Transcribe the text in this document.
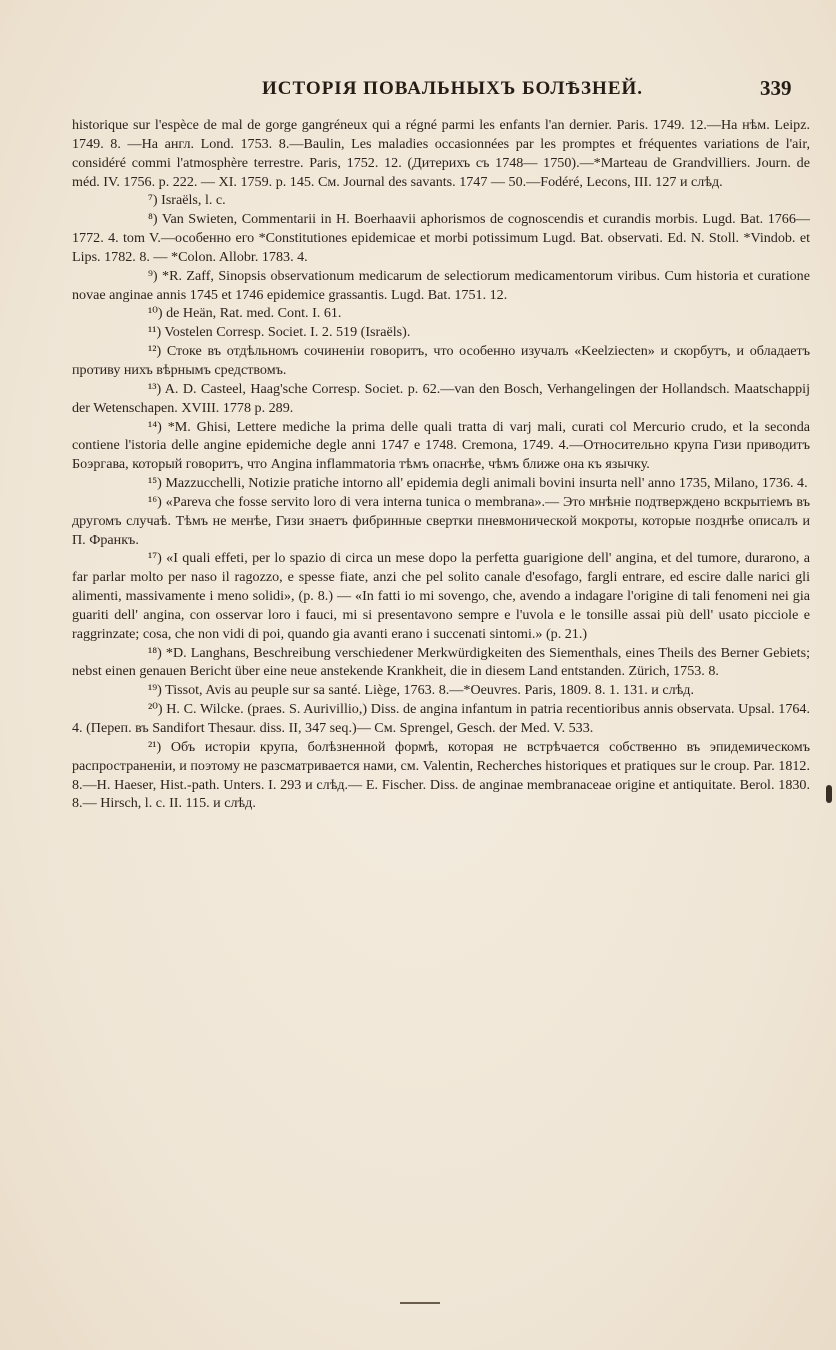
ИСТОРІЯ ПОВАЛЬНЫХЪ БОЛѢЗНЕЙ.	339

historique sur l'espèce de mal de gorge gangréneux qui a régné parmi les enfants l'an dernier. Paris. 1749. 12.—На нѣм. Leipz. 1749. 8. —На англ. Lond. 1753. 8.—Baulin, Les maladies occasionnées par les promptes et fréquentes variations de l'air, considéré commi l'atmosphère terrestre. Paris, 1752. 12. (Дитерихъ съ 1748— 1750).—*Marteau de Grandvilliers. Journ. de méd. IV. 1756. p. 222. — XI. 1759. p. 145. См. Journal des savants. 1747 — 50.—Fodéré, Lecons, III. 127 и слѣд.

⁷) Israëls, l. c.

⁸) Van Swieten, Commentarii in H. Boerhaavii aphorismos de cognoscendis et curandis morbis. Lugd. Bat. 1766—1772. 4. tom V.—особенно его *Constitutiones epidemicae et morbi potissimum Lugd. Bat. observati. Ed. N. Stoll. *Vindob. et Lips. 1782. 8. — *Colon. Allobr. 1783. 4.

⁹) *R. Zaff, Sinopsis observationum medicarum de selectiorum medicamentorum viribus. Cum historia et curatione novae anginae annis 1745 et 1746 epidemice grassantis. Lugd. Bat. 1751. 12.

¹⁰) de Heän, Rat. med. Cont. I. 61.

¹¹) Vostelen Corresp. Societ. I. 2. 519 (Israëls).

¹²) Стоке въ отдѣльномъ сочиненіи говоритъ, что особенно изучалъ «Keelziecten» и скорбутъ, и обладаетъ противу нихъ вѣрнымъ средствомъ.

¹³) A. D. Casteel, Haag'sche Corresp. Societ. p. 62.—van den Bosch, Verhangelingen der Hollandsch. Maatschappij der Wetenschapen. XVIII. 1778 p. 289.

¹⁴) *M. Ghisi, Lettere mediche la prima delle quali tratta di varj mali, curati col Mercurio crudo, et la seconda contiene l'istoria delle angine epidemiche degle anni 1747 e 1748. Cremona, 1749. 4.—Относительно крупа Гизи приводитъ Боэргава, который говоритъ, что Angina inflammatoria тѣмъ опаснѣе, чѣмъ ближе она къ язычку.

¹⁵) Mazzucchelli, Notizie pratiche intorno all' epidemia degli animali bovini insurta nell' anno 1735, Milano, 1736. 4.

¹⁶) «Pareva che fosse servito loro di vera interna tunica o membrana».— Это мнѣніе подтверждено вскрытіемъ въ другомъ случаѣ. Тѣмъ не менѣе, Гизи знаетъ фибринные свертки пневмонической мокроты, которые позднѣе описалъ и П. Франкъ.

¹⁷) «I quali effeti, per lo spazio di circa un mese dopo la perfetta guarigione dell' angina, et del tumore, durarono, a far parlar molto per naso il ragozzo, e spesse fiate, anzi che pel solito canale d'esofago, fargli entrare, ed escire dalle narici gli alimenti, massivamente i meno solidi», (p. 8.) — «In fatti io mi sovengo, che, avendo a indagare l'origine di tali fenomeni nei gia guariti dell' angina, con osservar loro i fauci, mi si presentavono sempre e l'uvola e le tonsille assai più dell' usato picciole e raggrinzate; cosa, che non vidi di poi, quando gia avanti erano i succenati sintomi.» (p. 21.)

¹⁸) *D. Langhans, Beschreibung verschiedener Merkwürdigkeiten des Siementhals, eines Theils des Berner Gebiets; nebst einen genauen Bericht über eine neue anstekende Krankheit, die in diesem Land entstanden. Zürich, 1753. 8.

¹⁹) Tissot, Avis au peuple sur sa santé. Liège, 1763. 8.—*Oeuvres. Paris, 1809. 8. 1. 131. и слѣд.

²⁰) H. C. Wilcke. (praes. S. Aurivillio,) Diss. de angina infantum in patria recentioribus annis observata. Upsal. 1764. 4. (Переп. въ Sandifort Thesaur. diss. II, 347 seq.)— См. Sprengel, Gesch. der Med. V. 533.

²¹) Объ исторіи крупа, болѣзненной формѣ, которая не встрѣчается собственно въ эпидемическомъ распространеніи, и поэтому не разсматривается нами, см. Valentin, Recherches historiques et pratiques sur le croup. Par. 1812. 8.—H. Haeser, Hist.-path. Unters. I. 293 и слѣд.— E. Fischer. Diss. de anginae membranaceae origine et antiquitate. Berol. 1830. 8.— Hirsch, l. c. II. 115. и слѣд.
